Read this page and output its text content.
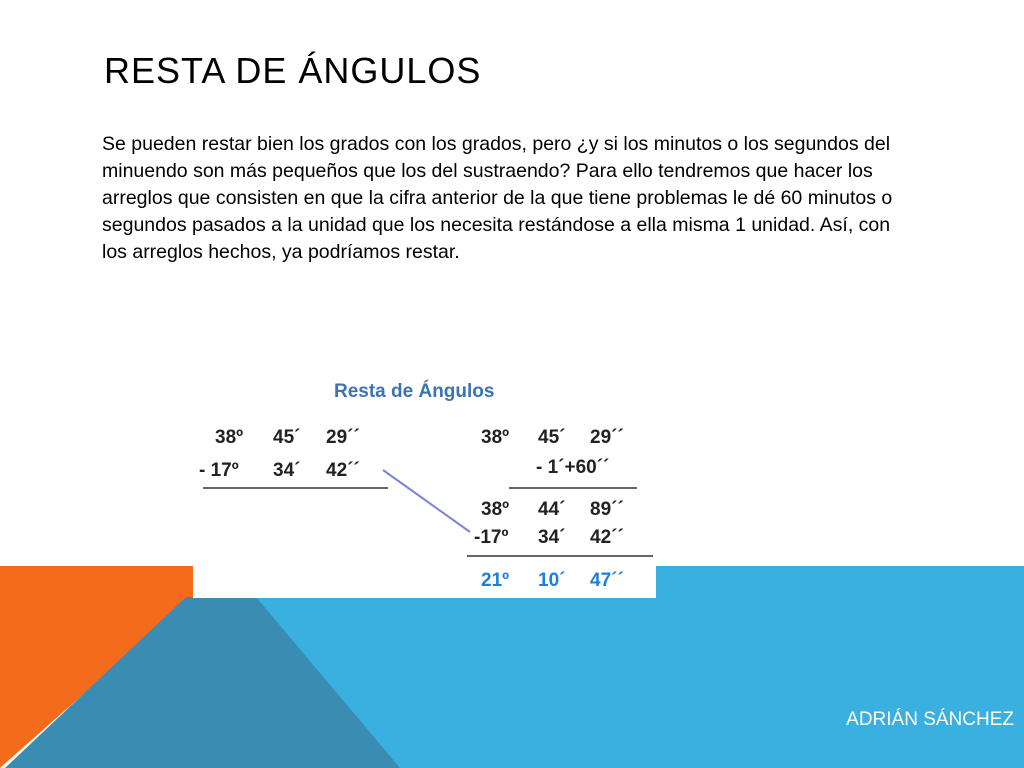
RESTA DE ÁNGULOS

Se pueden restar bien los grados con los grados, pero ¿y si los minutos o los segundos del minuendo son más pequeños que los del sustraendo? Para ello tendremos que hacer los arreglos que consisten en que la cifra anterior de la que tiene problemas le dé 60 minutos o segundos pasados a la unidad que los necesita restándose a ella misma 1 unidad. Así, con los arreglos hechos, ya podríamos restar.

Resta de Ángulos
38º 45´ 29´´
- 17º 34´ 42´´
38º 45´ 29´´
- 1´+60´´
38º 44´ 89´´
-17º 34´ 42´´
21º 10´ 47´´
ADRIÁN SÁNCHEZ
